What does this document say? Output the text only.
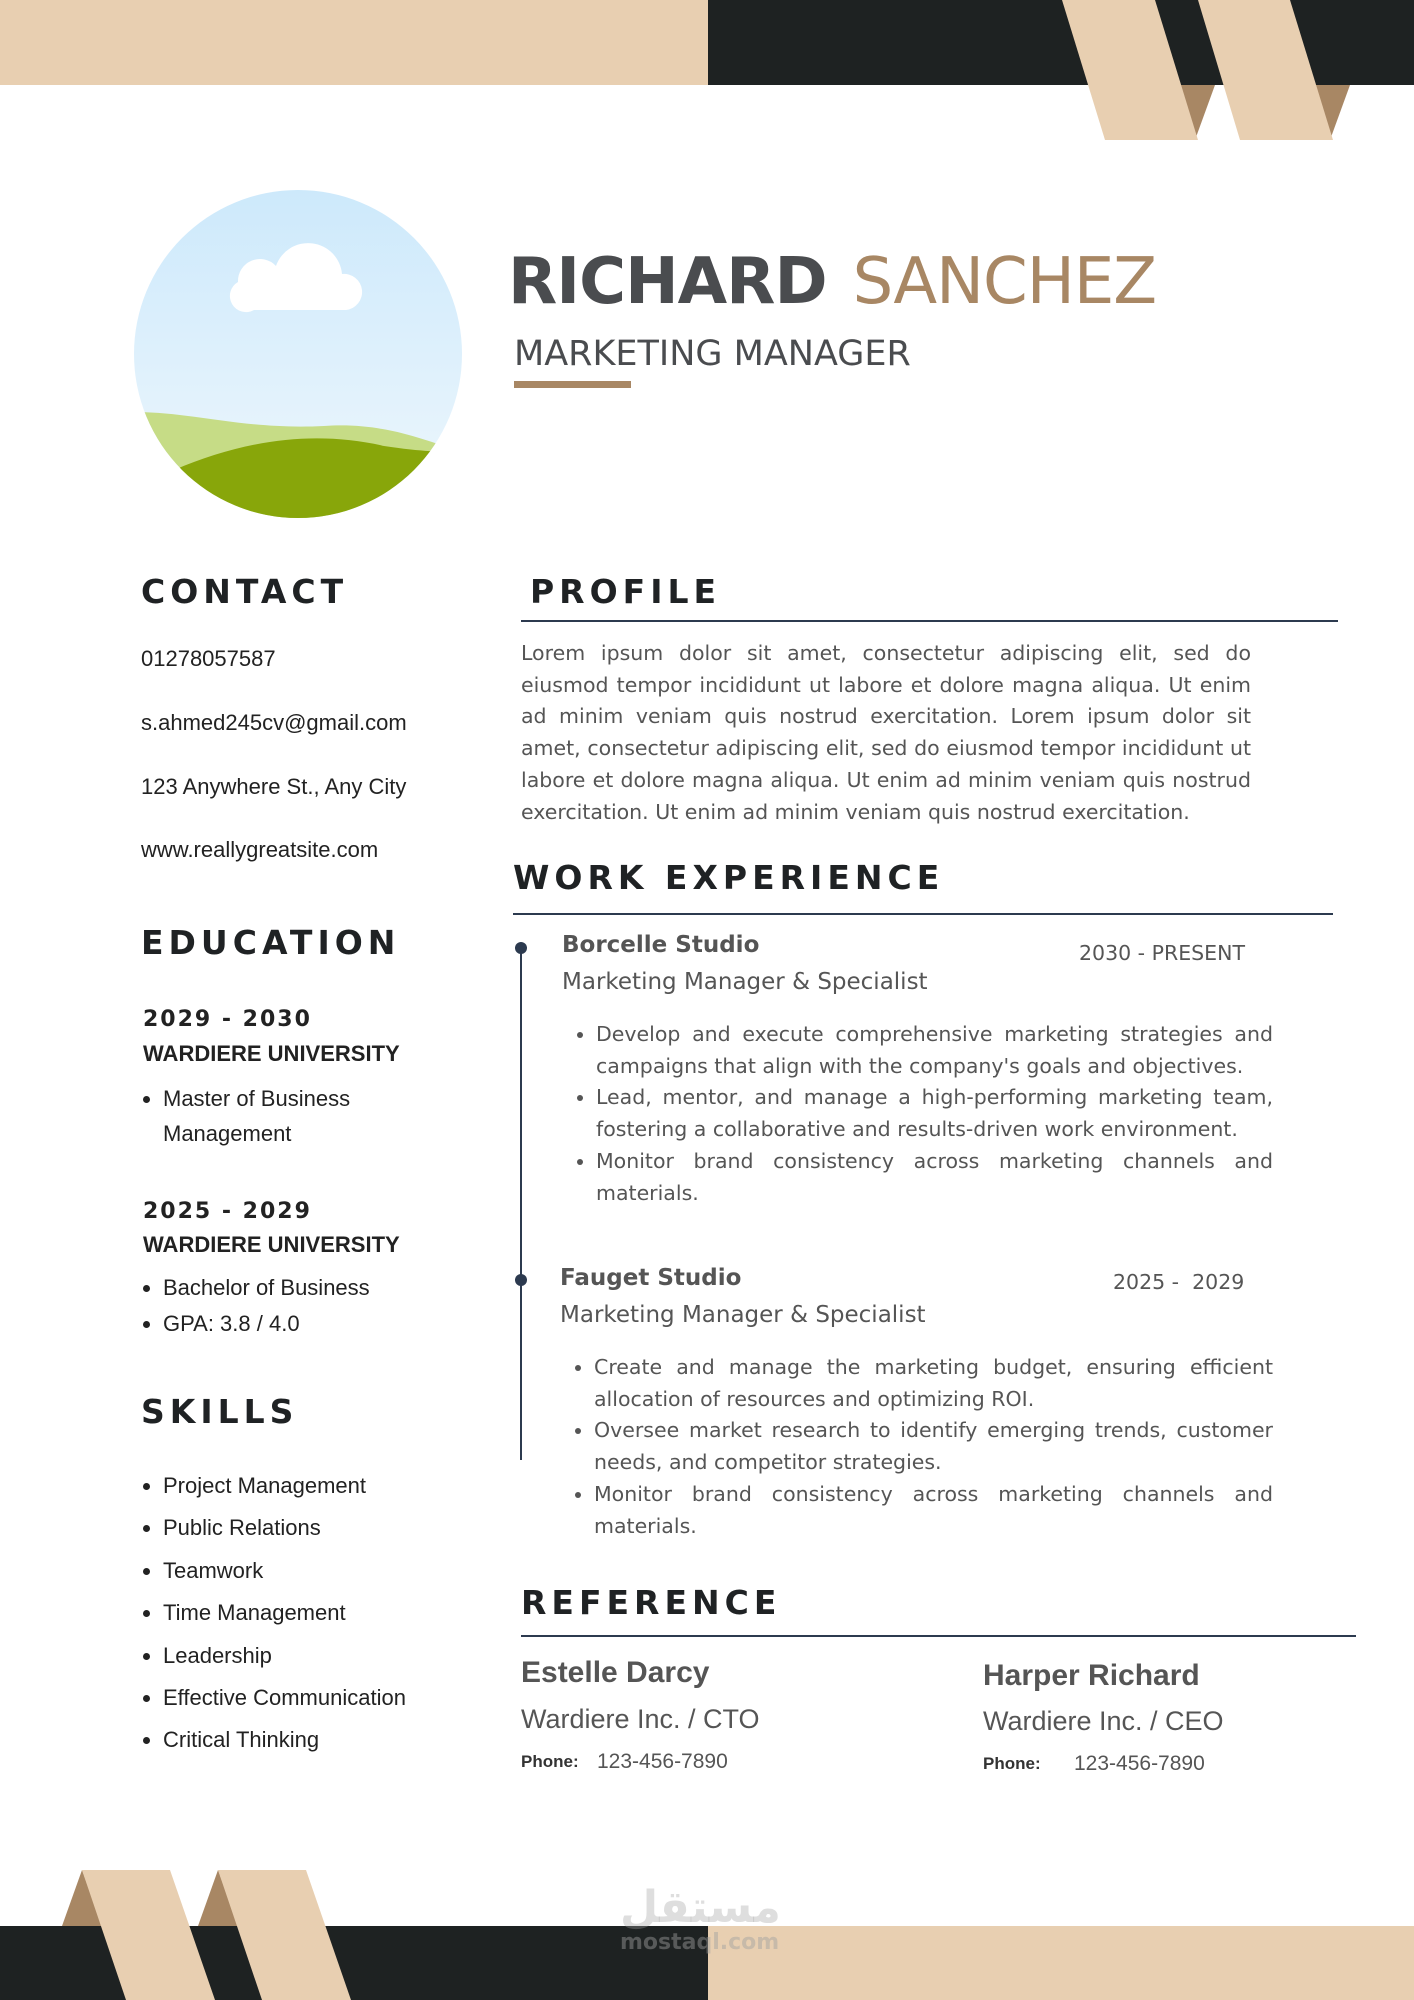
RICHARD SANCHEZ
MARKETING MANAGER
CONTACT
01278057587
s.ahmed245cv@gmail.com
123 Anywhere St., Any City
www.reallygreatsite.com
EDUCATION
2029 - 2030
WARDIERE UNIVERSITY
• Master of Business Management
2025 - 2029
WARDIERE UNIVERSITY
• Bachelor of Business
• GPA: 3.8 / 4.0
SKILLS
• Project Management
• Public Relations
• Teamwork
• Time Management
• Leadership
• Effective Communication
• Critical Thinking
PROFILE
Lorem ipsum dolor sit amet, consectetur adipiscing elit, sed do eiusmod tempor incididunt ut labore et dolore magna aliqua. Ut enim ad minim veniam quis nostrud exercitation. Lorem ipsum dolor sit amet, consectetur adipiscing elit, sed do eiusmod tempor incididunt ut labore et dolore magna aliqua. Ut enim ad minim veniam quis nostrud exercitation. Ut enim ad minim veniam quis nostrud exercitation.
WORK EXPERIENCE
Borcelle Studio	2030 - PRESENT
Marketing Manager & Specialist
• Develop and execute comprehensive marketing strategies and campaigns that align with the company's goals and objectives.
• Lead, mentor, and manage a high-performing marketing team, fostering a collaborative and results-driven work environment.
• Monitor brand consistency across marketing channels and materials.
Fauget Studio	2025 -  2029
Marketing Manager & Specialist
• Create and manage the marketing budget, ensuring efficient allocation of resources and optimizing ROI.
• Oversee market research to identify emerging trends, customer needs, and competitor strategies.
• Monitor brand consistency across marketing channels and materials.
REFERENCE
Estelle Darcy
Wardiere Inc. / CTO
Phone: 123-456-7890
Harper Richard
Wardiere Inc. / CEO
Phone: 123-456-7890
مستقل
mostaql.com
